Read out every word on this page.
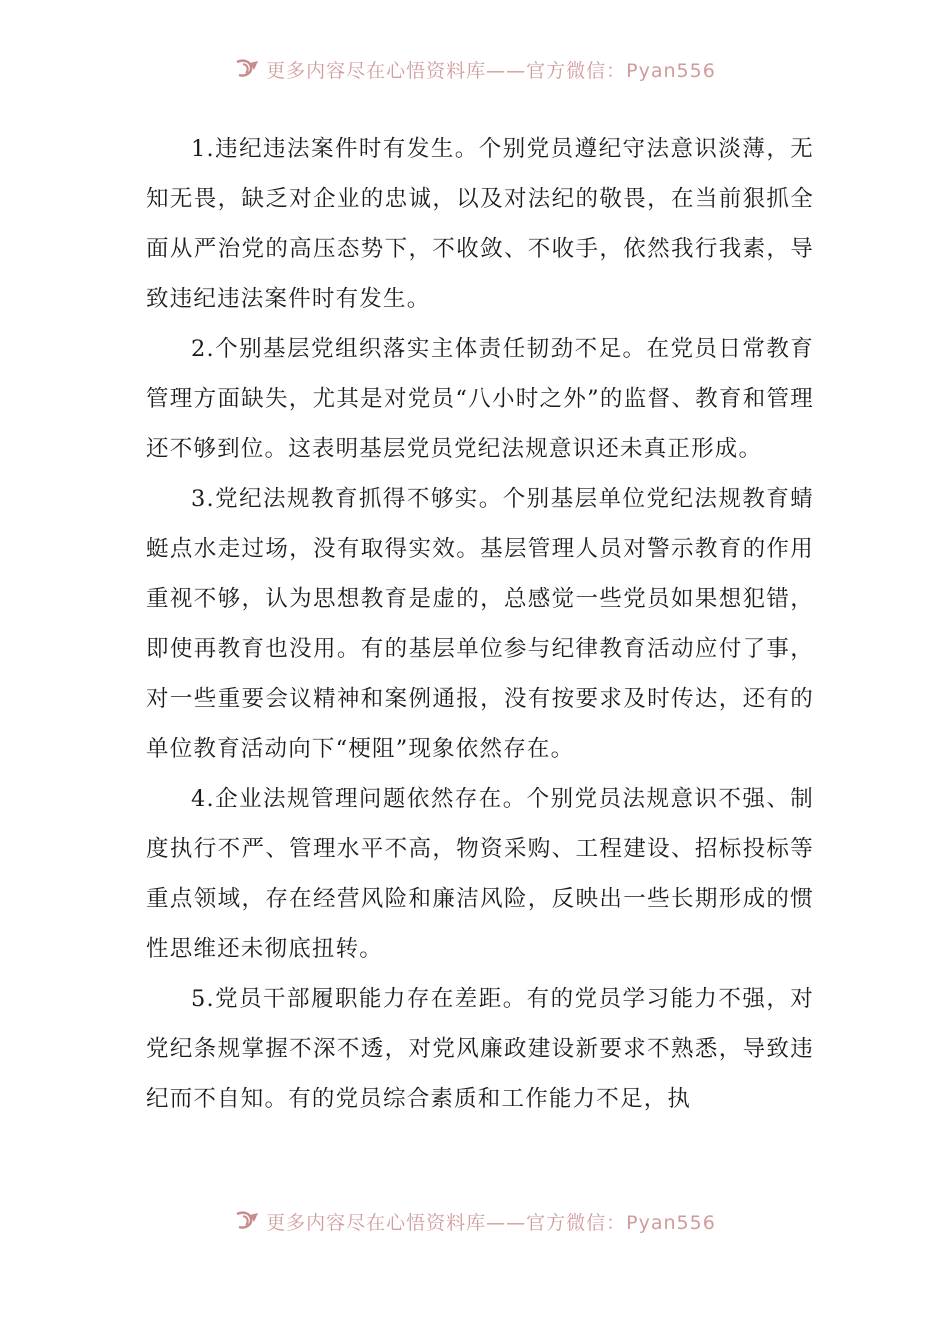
更多内容尽在心悟资料库——官方微信：Pyan556

1.违纪违法案件时有发生。个别党员遵纪守法意识淡薄，无知无畏，缺乏对企业的忠诚，以及对法纪的敬畏，在当前狠抓全面从严治党的高压态势下，不收敛、不收手，依然我行我素，导致违纪违法案件时有发生。

2.个别基层党组织落实主体责任韧劲不足。在党员日常教育管理方面缺失，尤其是对党员“八小时之外”的监督、教育和管理还不够到位。这表明基层党员党纪法规意识还未真正形成。

3.党纪法规教育抓得不够实。个别基层单位党纪法规教育蜻蜓点水走过场，没有取得实效。基层管理人员对警示教育的作用重视不够，认为思想教育是虚的，总感觉一些党员如果想犯错，即使再教育也没用。有的基层单位参与纪律教育活动应付了事，对一些重要会议精神和案例通报，没有按要求及时传达，还有的单位教育活动向下“梗阻”现象依然存在。

4.企业法规管理问题依然存在。个别党员法规意识不强、制度执行不严、管理水平不高，物资采购、工程建设、招标投标等重点领域，存在经营风险和廉洁风险，反映出一些长期形成的惯性思维还未彻底扭转。

5.党员干部履职能力存在差距。有的党员学习能力不强，对党纪条规掌握不深不透，对党风廉政建设新要求不熟悉，导致违纪而不自知。有的党员综合素质和工作能力不足，执

更多内容尽在心悟资料库——官方微信：Pyan556
